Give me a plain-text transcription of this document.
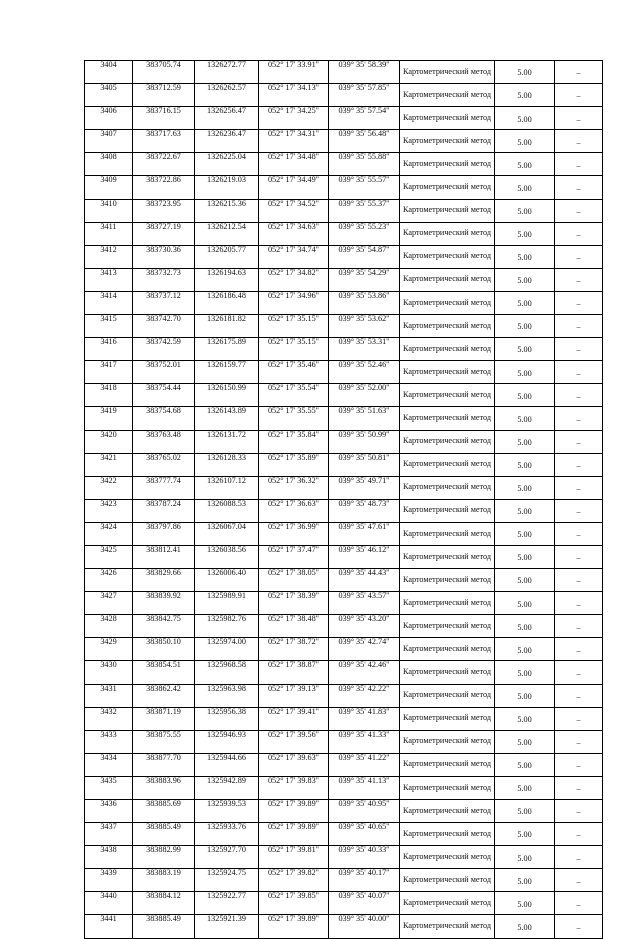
3404	383705.74	1326272.77	052° 17' 33.91"	039° 35' 58.39"	Картометрический метод	5.00	–
3405	383712.59	1326262.57	052° 17' 34.13"	039° 35' 57.85"	Картометрический метод	5.00	–
3406	383716.15	1326256.47	052° 17' 34.25"	039° 35' 57.54"	Картометрический метод	5.00	–
3407	383717.63	1326236.47	052° 17' 34.31"	039° 35' 56.48"	Картометрический метод	5.00	–
3408	383722.67	1326225.04	052° 17' 34.48"	039° 35' 55.88"	Картометрический метод	5.00	–
3409	383722.86	1326219.03	052° 17' 34.49"	039° 35' 55.57"	Картометрический метод	5.00	–
3410	383723.95	1326215.36	052° 17' 34.52"	039° 35' 55.37"	Картометрический метод	5.00	–
3411	383727.19	1326212.54	052° 17' 34.63"	039° 35' 55.23"	Картометрический метод	5.00	–
3412	383730.36	1326205.77	052° 17' 34.74"	039° 35' 54.87"	Картометрический метод	5.00	–
3413	383732.73	1326194.63	052° 17' 34.82"	039° 35' 54.29"	Картометрический метод	5.00	–
3414	383737.12	1326186.48	052° 17' 34.96"	039° 35' 53.86"	Картометрический метод	5.00	–
3415	383742.70	1326181.82	052° 17' 35.15"	039° 35' 53.62"	Картометрический метод	5.00	–
3416	383742.59	1326175.89	052° 17' 35.15"	039° 35' 53.31"	Картометрический метод	5.00	–
3417	383752.01	1326159.77	052° 17' 35.46"	039° 35' 52.46"	Картометрический метод	5.00	–
3418	383754.44	1326150.99	052° 17' 35.54"	039° 35' 52.00"	Картометрический метод	5.00	–
3419	383754.68	1326143.89	052° 17' 35.55"	039° 35' 51.63"	Картометрический метод	5.00	–
3420	383763.48	1326131.72	052° 17' 35.84"	039° 35' 50.99"	Картометрический метод	5.00	–
3421	383765.02	1326128.33	052° 17' 35.89"	039° 35' 50.81"	Картометрический метод	5.00	–
3422	383777.74	1326107.12	052° 17' 36.32"	039° 35' 49.71"	Картометрический метод	5.00	–
3423	383787.24	1326088.53	052° 17' 36.63"	039° 35' 48.73"	Картометрический метод	5.00	–
3424	383797.86	1326067.04	052° 17' 36.99"	039° 35' 47.61"	Картометрический метод	5.00	–
3425	383812.41	1326038.56	052° 17' 37.47"	039° 35' 46.12"	Картометрический метод	5.00	–
3426	383829.66	1326006.40	052° 17' 38.05"	039° 35' 44.43"	Картометрический метод	5.00	–
3427	383839.92	1325989.91	052° 17' 38.39"	039° 35' 43.57"	Картометрический метод	5.00	–
3428	383842.75	1325982.76	052° 17' 38.48"	039° 35' 43.20"	Картометрический метод	5.00	–
3429	383850.10	1325974.00	052° 17' 38.72"	039° 35' 42.74"	Картометрический метод	5.00	–
3430	383854.51	1325968.58	052° 17' 38.87"	039° 35' 42.46"	Картометрический метод	5.00	–
3431	383862.42	1325963.98	052° 17' 39.13"	039° 35' 42.22"	Картометрический метод	5.00	–
3432	383871.19	1325956.38	052° 17' 39.41"	039° 35' 41.83"	Картометрический метод	5.00	–
3433	383875.55	1325946.93	052° 17' 39.56"	039° 35' 41.33"	Картометрический метод	5.00	–
3434	383877.70	1325944.66	052° 17' 39.63"	039° 35' 41.22"	Картометрический метод	5.00	–
3435	383883.96	1325942.89	052° 17' 39.83"	039° 35' 41.13"	Картометрический метод	5.00	–
3436	383885.69	1325939.53	052° 17' 39.89"	039° 35' 40.95"	Картометрический метод	5.00	–
3437	383885.49	1325933.76	052° 17' 39.89"	039° 35' 40.65"	Картометрический метод	5.00	–
3438	383882.99	1325927.70	052° 17' 39.81"	039° 35' 40.33"	Картометрический метод	5.00	–
3439	383883.19	1325924.75	052° 17' 39.82"	039° 35' 40.17"	Картометрический метод	5.00	–
3440	383884.12	1325922.77	052° 17' 39.85"	039° 35' 40.07"	Картометрический метод	5.00	–
3441	383885.49	1325921.39	052° 17' 39.89"	039° 35' 40.00"	Картометрический метод	5.00	–
